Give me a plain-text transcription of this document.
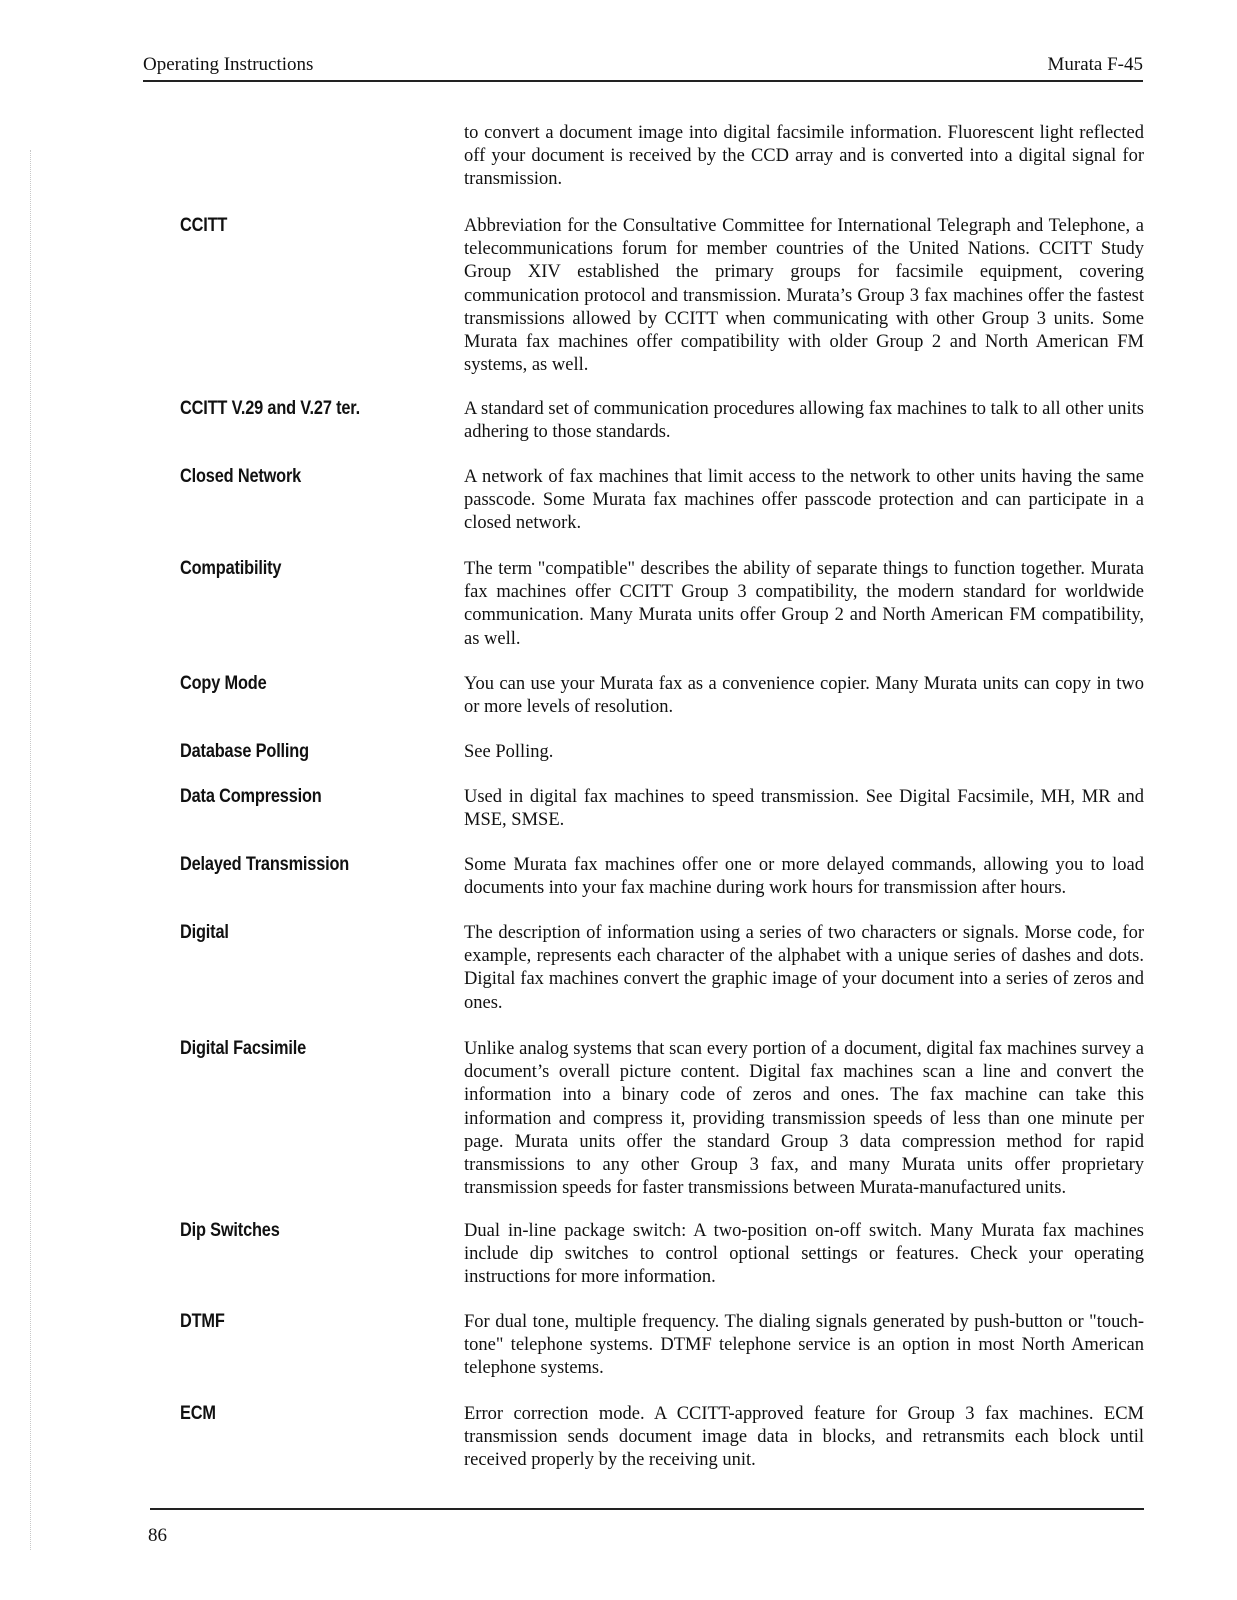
Operating Instructions	Murata F-45
to convert a document image into digital facsimile information. Fluorescent light reflected off your document is received by the CCD array and is converted into a digital signal for transmission.
CCITT	Abbreviation for the Consultative Committee for International Telegraph and Telephone, a telecommunications forum for member countries of the United Nations. CCITT Study Group XIV established the primary groups for facsimile equipment, covering communication protocol and transmission. Murata’s Group 3 fax machines offer the fastest transmissions allowed by CCITT when communicating with other Group 3 units. Some Murata fax machines offer compatibility with older Group 2 and North American FM systems, as well.
CCITT V.29 and V.27 ter.	A standard set of communication procedures allowing fax machines to talk to all other units adhering to those standards.
Closed Network	A network of fax machines that limit access to the network to other units having the same passcode. Some Murata fax machines offer passcode protection and can participate in a closed network.
Compatibility	The term "compatible" describes the ability of separate things to function together. Murata fax machines offer CCITT Group 3 compatibility, the modern standard for worldwide communication. Many Murata units offer Group 2 and North American FM compatibility, as well.
Copy Mode	You can use your Murata fax as a convenience copier. Many Murata units can copy in two or more levels of resolution.
Database Polling	See Polling.
Data Compression	Used in digital fax machines to speed transmission. See Digital Facsimile, MH, MR and MSE, SMSE.
Delayed Transmission	Some Murata fax machines offer one or more delayed commands, allowing you to load documents into your fax machine during work hours for transmission after hours.
Digital	The description of information using a series of two characters or signals. Morse code, for example, represents each character of the alphabet with a unique series of dashes and dots. Digital fax machines convert the graphic image of your document into a series of zeros and ones.
Digital Facsimile	Unlike analog systems that scan every portion of a document, digital fax machines survey a document’s overall picture content. Digital fax machines scan a line and convert the information into a binary code of zeros and ones. The fax machine can take this information and compress it, providing transmission speeds of less than one minute per page. Murata units offer the standard Group 3 data compression method for rapid transmissions to any other Group 3 fax, and many Murata units offer proprietary transmission speeds for faster transmissions between Murata-manufactured units.
Dip Switches	Dual in-line package switch: A two-position on-off switch. Many Murata fax machines include dip switches to control optional settings or features. Check your operating instructions for more information.
DTMF	For dual tone, multiple frequency. The dialing signals generated by push-button or "touch-tone" telephone systems. DTMF telephone service is an option in most North American telephone systems.
ECM	Error correction mode. A CCITT-approved feature for Group 3 fax machines. ECM transmission sends document image data in blocks, and retransmits each block until received properly by the receiving unit.
86
